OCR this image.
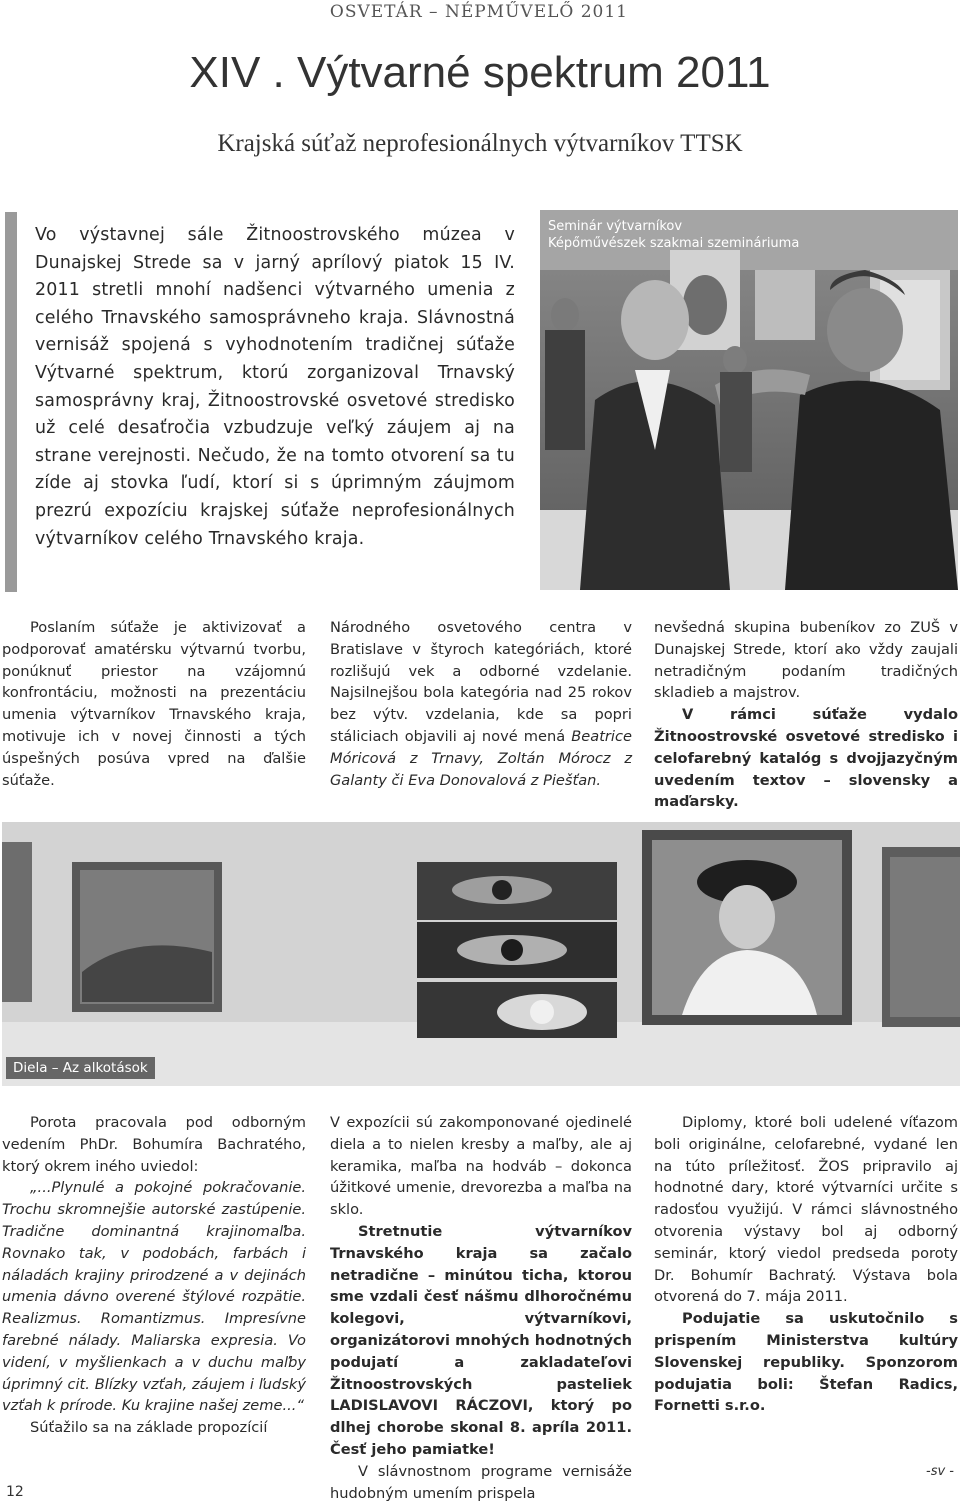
OSVETÁR – NÉPMŰVELŐ 2011
XIV . Výtvarné spektrum 2011
Krajská súťaž neprofesionálnych výtvarníkov TTSK

Vo výstavnej sále Žitnoostrovského múzea v Dunajskej Strede sa v jarný aprílový piatok 15 IV. 2011 stretli mnohí nadšenci výtvarného umenia z celého Trnavského samosprávneho kraja. Slávnostná vernisáž spojená s vyhodnotením tradičnej súťaže Výtvarné spektrum, ktorú zorganizoval Trnavský samosprávny kraj, Žitnoostrovské osvetové stredisko už celé desaťročia vzbudzuje veľký záujem aj na strane verejnosti. Nečudo, že na tomto otvorení sa tu zíde aj stovka ľudí, ktorí si s úprimným záujmom prezrú expozíciu krajskej súťaže neprofesionálnych výtvarníkov celého Trnavského kraja.

Seminár výtvarníkov
Képőművészek szakmai szemináriuma

Poslaním súťaže je aktivizovať a podporovať amatérsku výtvarnú tvorbu, ponúknuť priestor na vzájomnú konfrontáciu, možnosti na prezentáciu umenia výtvarníkov Trnavského kraja, motivuje ich v novej činnosti a tých úspešných posúva vpred na ďalšie súťaže.

Národného osvetového centra v Bratislave v štyroch kategóriách, ktoré rozlišujú vek a odborné vzdelanie. Najsilnejšou bola kategória nad 25 rokov bez výtv. vzdelania, kde sa popri stáliciach objavili aj nové mená Beatrice Móricová z Trnavy, Zoltán Mórocz z Galanty či Eva Donovalová z Piešťan.

nevšedná skupina bubeníkov zo ZUŠ v Dunajskej Strede, ktorí ako vždy zaujali netradičným podaním tradičných skladieb a majstrov.

V rámci súťaže vydalo Žitnoostrovské osvetové stredisko i celofarebný katalóg s dvojjazyčným uvedením textov – slovensky a maďarsky.

Diela – Az alkotások

Porota pracovala pod odborným vedením PhDr. Bohumíra Bachratého, ktorý okrem iného uviedol:

„...Plynulé a pokojné pokračovanie. Trochu skromnejšie autorské zastúpenie. Tradične dominantná krajinomaľba. Rovnako tak, v podobách, farbách i náladách krajiny prirodzené a v dejinách umenia dávno overené štýlové rozpätie. Realizmus. Romantizmus. Impresívne farebné nálady. Maliarska expresia. Vo videní, v myšlienkach a v duchu maľby úprimný cit. Blízky vzťah, záujem i ľudský vzťah k prírode. Ku krajine našej zeme...“

Súťažilo sa na základe propozícií

V expozícii sú zakomponované ojedinelé diela a to nielen kresby a maľby, ale aj keramika, maľba na hodváb – dokonca úžitkové umenie, drevorezba a maľba na sklo.

Stretnutie výtvarníkov Trnavského kraja sa začalo netradične – minútou ticha, ktorou sme vzdali česť nášmu dlhoročnému kolegovi, výtvarníkovi, organizátorovi mnohých hodnotných podujatí a zakladateľovi Žitnoostrovských pasteliek LADISLAVOVI RÁCZOVI, ktorý po dlhej chorobe skonal 8. apríla 2011. Česť jeho pamiatke!

V slávnostnom programe vernisáže hudobným umením prispela

Diplomy, ktoré boli udelené víťazom boli originálne, celofarebné, vydané len na túto príležitosť. ŽOS pripravilo aj hodnotné dary, ktoré výtvarníci určite s radosťou využijú. V rámci slávnostného otvorenia výstavy bol aj odborný seminár, ktorý viedol predseda poroty Dr. Bohumír Bachratý. Výstava bola otvorená do 7. mája 2011.

Podujatie sa uskutočnilo s prispením Ministerstva kultúry Slovenskej republiky. Sponzorom podujatia boli: Štefan Radics, Fornetti s.r.o.

-sv -
12
